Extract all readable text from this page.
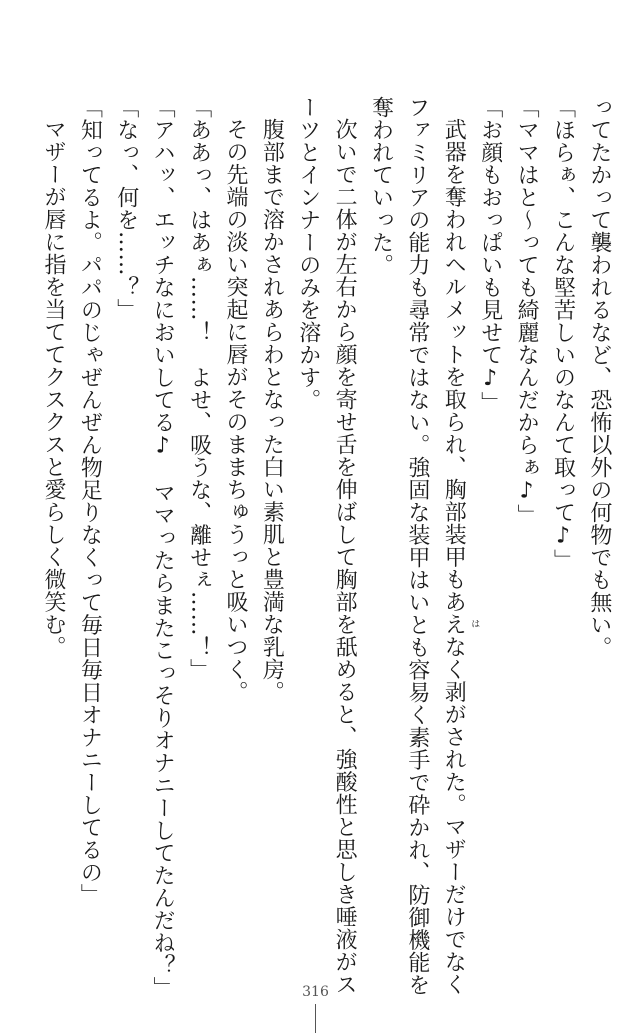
ってたかって襲われるなど、恐怖以外の何物でも無い。
「ほらぁ、こんな堅苦しいのなんて取って♪」
「ママはと～っても綺麗なんだからぁ♪」
「お顔もおっぱいも見せて♪」
武器を奪われヘルメットを取られ、胸部装甲もあえ は
なく剥がされた。マザーだけでなく
ファミリアの能力も尋常ではない。強固な装甲はいとも容易く素手で砕かれ、防御機能を
奪われていった。
次いで二体が左右から顔を寄せ舌を伸ばして胸部を舐めると、強酸性と思しき唾液がス
ーツとインナーのみを溶かす。
腹部まで溶かされあらわとなった白い素肌と豊満な乳房。
その先端の淡い突起に唇がそのままちゅうっと吸いつく。
「ああっ、はあぁ……！　よせ、吸うな、離せぇ……！」
「アハッ、エッチなにおいしてる♪　ママったらまたこっそりオナニーしてたんだね？」
「なっ、何を……？」
「知ってるよ。パパのじゃぜんぜん物足りなくって毎日毎日オナニーしてるの」
マザーが唇に指を当ててクスクスと愛らしく微笑む。
316
